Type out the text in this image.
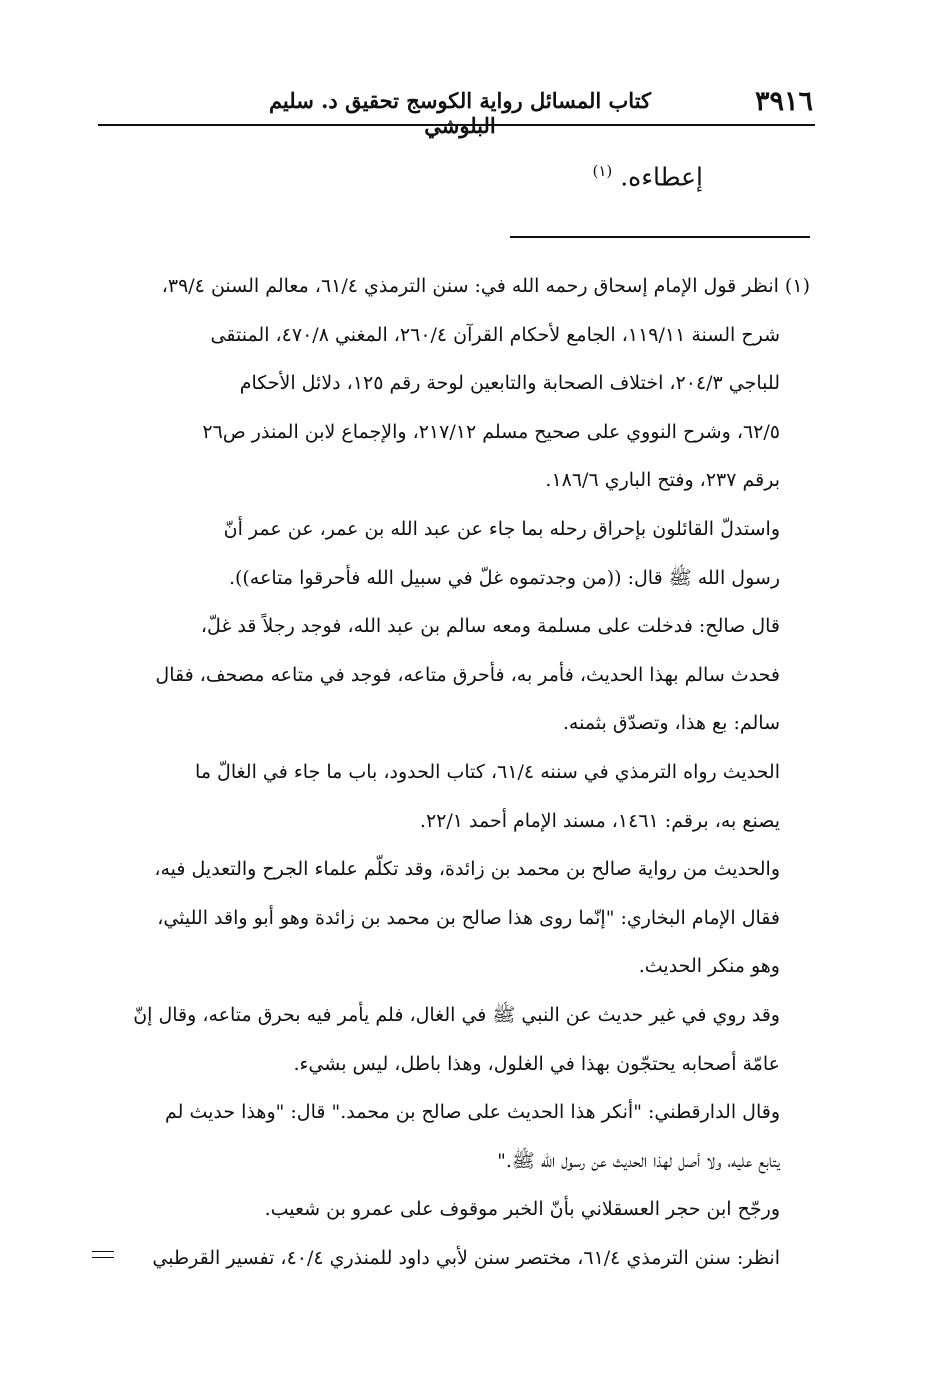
٣٩١٦
كتاب المسائل رواية الكوسج تحقيق د. سليم البلوشي
إعطاءه. $^{(١)}$
(١) انظر قول الإمام إسحاق رحمه الله في: سنن الترمذي ٦١/٤، معالم السنن ٣٩/٤،
شرح السنة ١١٩/١١، الجامع لأحكام القرآن ٢٦٠/٤، المغني ٤٧٠/٨، المنتقى
للباجي ٢٠٤/٣، اختلاف الصحابة والتابعين لوحة رقم ١٢٥، دلائل الأحكام
٦٢/٥، وشرح النووي على صحيح مسلم ٢١٧/١٢، والإجماع لابن المنذر ص٢٦
برقم ٢٣٧، وفتح الباري ١٨٦/٦.
واستدلّ القائلون بإحراق رحله بما جاء عن عبد الله بن عمر، عن عمر أنّ
رسول الله ﷺ قال: ((من وجدتموه غلّ في سبيل الله فأحرقوا متاعه)).
قال صالح: فدخلت على مسلمة ومعه سالم بن عبد الله، فوجد رجلاً قد غلّ،
فحدث سالم بهذا الحديث، فأمر به، فأحرق متاعه، فوجد في متاعه مصحف، فقال
سالم: بع هذا، وتصدّق بثمنه.
الحديث رواه الترمذي في سننه ٦١/٤، كتاب الحدود، باب ما جاء في الغالّ ما
يصنع به، برقم: ١٤٦١، مسند الإمام أحمد ٢٢/١.
والحديث من رواية صالح بن محمد بن زائدة، وقد تكلّم علماء الجرح والتعديل فيه،
فقال الإمام البخاري: "إنّما روى هذا صالح بن محمد بن زائدة وهو أبو واقد الليثي،
وهو منكر الحديث.
وقد روي في غير حديث عن النبي ﷺ في الغال، فلم يأمر فيه بحرق متاعه، وقال إنّ
عامّة أصحابه يحتجّون بهذا في الغلول، وهذا باطل، ليس بشيء.
وقال الدارقطني: "أنكر هذا الحديث على صالح بن محمد." قال: "وهذا حديث لم
يتابع عليه، ولا أصل لهذا الحديث عن رسول الله ﷺ."
ورجّح ابن حجر العسقلاني بأنّ الخبر موقوف على عمرو بن شعيب.
انظر: سنن الترمذي ٦١/٤، مختصر سنن لأبي داود للمنذري ٤٠/٤، تفسير القرطبي
